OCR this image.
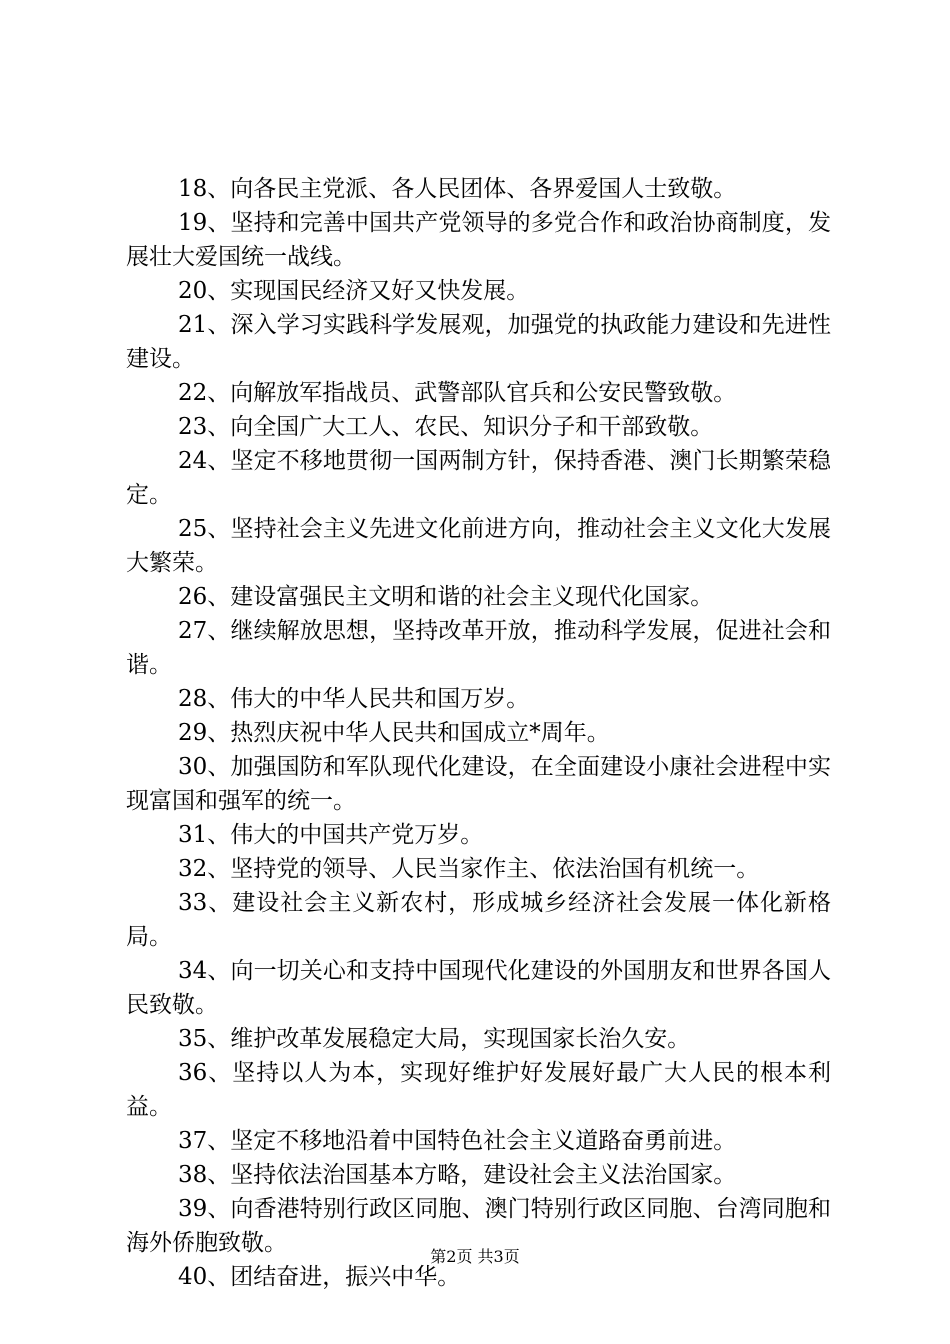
18、向各民主党派、各人民团体、各界爱国人士致敬。

19、坚持和完善中国共产党领导的多党合作和政治协商制度，发展壮大爱国统一战线。

20、实现国民经济又好又快发展。

21、深入学习实践科学发展观，加强党的执政能力建设和先进性建设。

22、向解放军指战员、武警部队官兵和公安民警致敬。

23、向全国广大工人、农民、知识分子和干部致敬。

24、坚定不移地贯彻一国两制方针，保持香港、澳门长期繁荣稳定。

25、坚持社会主义先进文化前进方向，推动社会主义文化大发展大繁荣。

26、建设富强民主文明和谐的社会主义现代化国家。

27、继续解放思想，坚持改革开放，推动科学发展，促进社会和谐。

28、伟大的中华人民共和国万岁。

29、热烈庆祝中华人民共和国成立*周年。

30、加强国防和军队现代化建设，在全面建设小康社会进程中实现富国和强军的统一。

31、伟大的中国共产党万岁。

32、坚持党的领导、人民当家作主、依法治国有机统一。

33、建设社会主义新农村，形成城乡经济社会发展一体化新格局。

34、向一切关心和支持中国现代化建设的外国朋友和世界各国人民致敬。

35、维护改革发展稳定大局，实现国家长治久安。

36、坚持以人为本，实现好维护好发展好最广大人民的根本利益。

37、坚定不移地沿着中国特色社会主义道路奋勇前进。

38、坚持依法治国基本方略，建设社会主义法治国家。

39、向香港特别行政区同胞、澳门特别行政区同胞、台湾同胞和海外侨胞致敬。

40、团结奋进，振兴中华。

第2页 共3页
